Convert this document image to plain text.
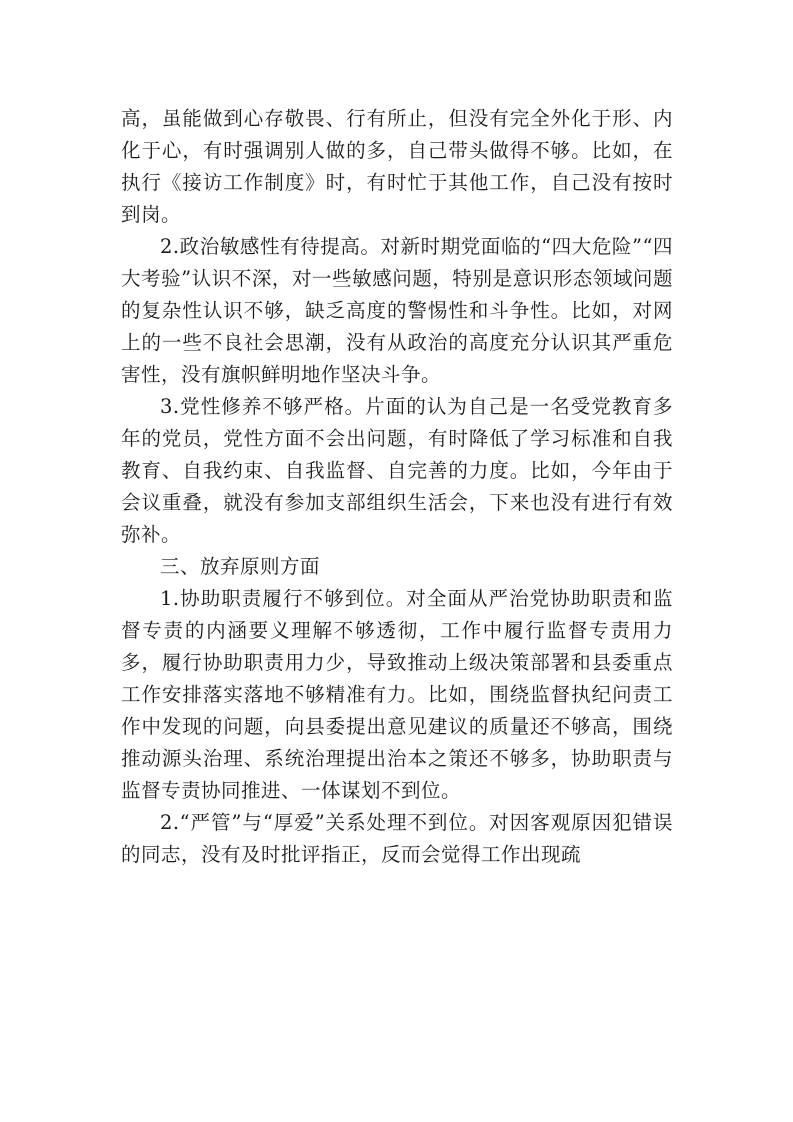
高，虽能做到心存敬畏、行有所止，但没有完全外化于形、内化于心，有时强调别人做的多，自己带头做得不够。比如，在执行《接访工作制度》时，有时忙于其他工作，自己没有按时到岗。

2.政治敏感性有待提高。对新时期党面临的“四大危险”“四大考验”认识不深，对一些敏感问题，特别是意识形态领域问题的复杂性认识不够，缺乏高度的警惕性和斗争性。比如，对网上的一些不良社会思潮，没有从政治的高度充分认识其严重危害性，没有旗帜鲜明地作坚决斗争。

3.党性修养不够严格。片面的认为自己是一名受党教育多年的党员，党性方面不会出问题，有时降低了学习标准和自我教育、自我约束、自我监督、自完善的力度。比如，今年由于会议重叠，就没有参加支部组织生活会，下来也没有进行有效弥补。

三、放弃原则方面

1.协助职责履行不够到位。对全面从严治党协助职责和监督专责的内涵要义理解不够透彻，工作中履行监督专责用力多，履行协助职责用力少，导致推动上级决策部署和县委重点工作安排落实落地不够精准有力。比如，围绕监督执纪问责工作中发现的问题，向县委提出意见建议的质量还不够高，围绕推动源头治理、系统治理提出治本之策还不够多，协助职责与监督专责协同推进、一体谋划不到位。

2.“严管”与“厚爱”关系处理不到位。对因客观原因犯错误的同志，没有及时批评指正，反而会觉得工作出现疏
